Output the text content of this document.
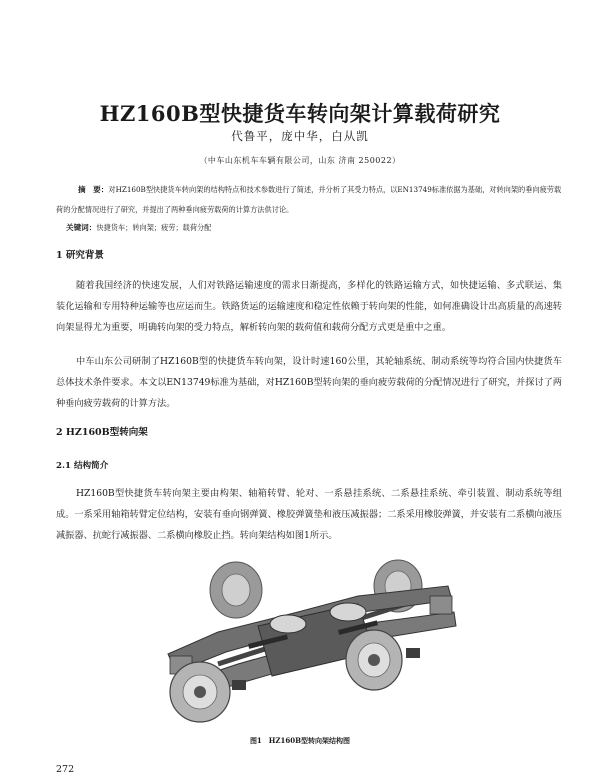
HZ160B型快捷货车转向架计算载荷研究
代鲁平，庞中华，白从凯
（中车山东机车车辆有限公司，山东 济南 250022）

摘　要：对HZ160B型快捷货车转向架的结构特点和技术参数进行了简述，并分析了其受力特点，以EN13749标准依据为基础，对转向架的垂向疲劳载荷的分配情况进行了研究，并提出了两种垂向疲劳载荷的计算方法供讨论。

关键词：快捷货车；转向架；疲劳；载荷分配

1 研究背景

随着我国经济的快速发展，人们对铁路运输速度的需求日渐提高，多样化的铁路运输方式，如快捷运输、多式联运、集装化运输和专用特种运输等也应运而生。铁路货运的运输速度和稳定性依赖于转向架的性能，如何准确设计出高质量的高速转向架显得尤为重要，明确转向架的受力特点，解析转向架的载荷值和载荷分配方式更是重中之重。

中车山东公司研制了HZ160B型的快捷货车转向架，设计时速160公里，其轮轴系统、制动系统等均符合国内快捷货车总体技术条件要求。本文以EN13749标准为基础，对HZ160B型转向架的垂向疲劳载荷的分配情况进行了研究，并探讨了两种垂向疲劳载荷的计算方法。

2 HZ160B型转向架
2.1 结构简介

HZ160B型快捷货车转向架主要由构架、轴箱转臂、轮对、一系悬挂系统、二系悬挂系统、牵引装置、制动系统等组成。一系采用轴箱转臂定位结构，安装有垂向钢弹簧、橡胶弹簧垫和液压减振器；二系采用橡胶弹簧，并安装有二系横向液压减振器、抗蛇行减振器、二系横向橡胶止挡。转向架结构如图1所示。

图1　HZ160B型转向架结构图
272
